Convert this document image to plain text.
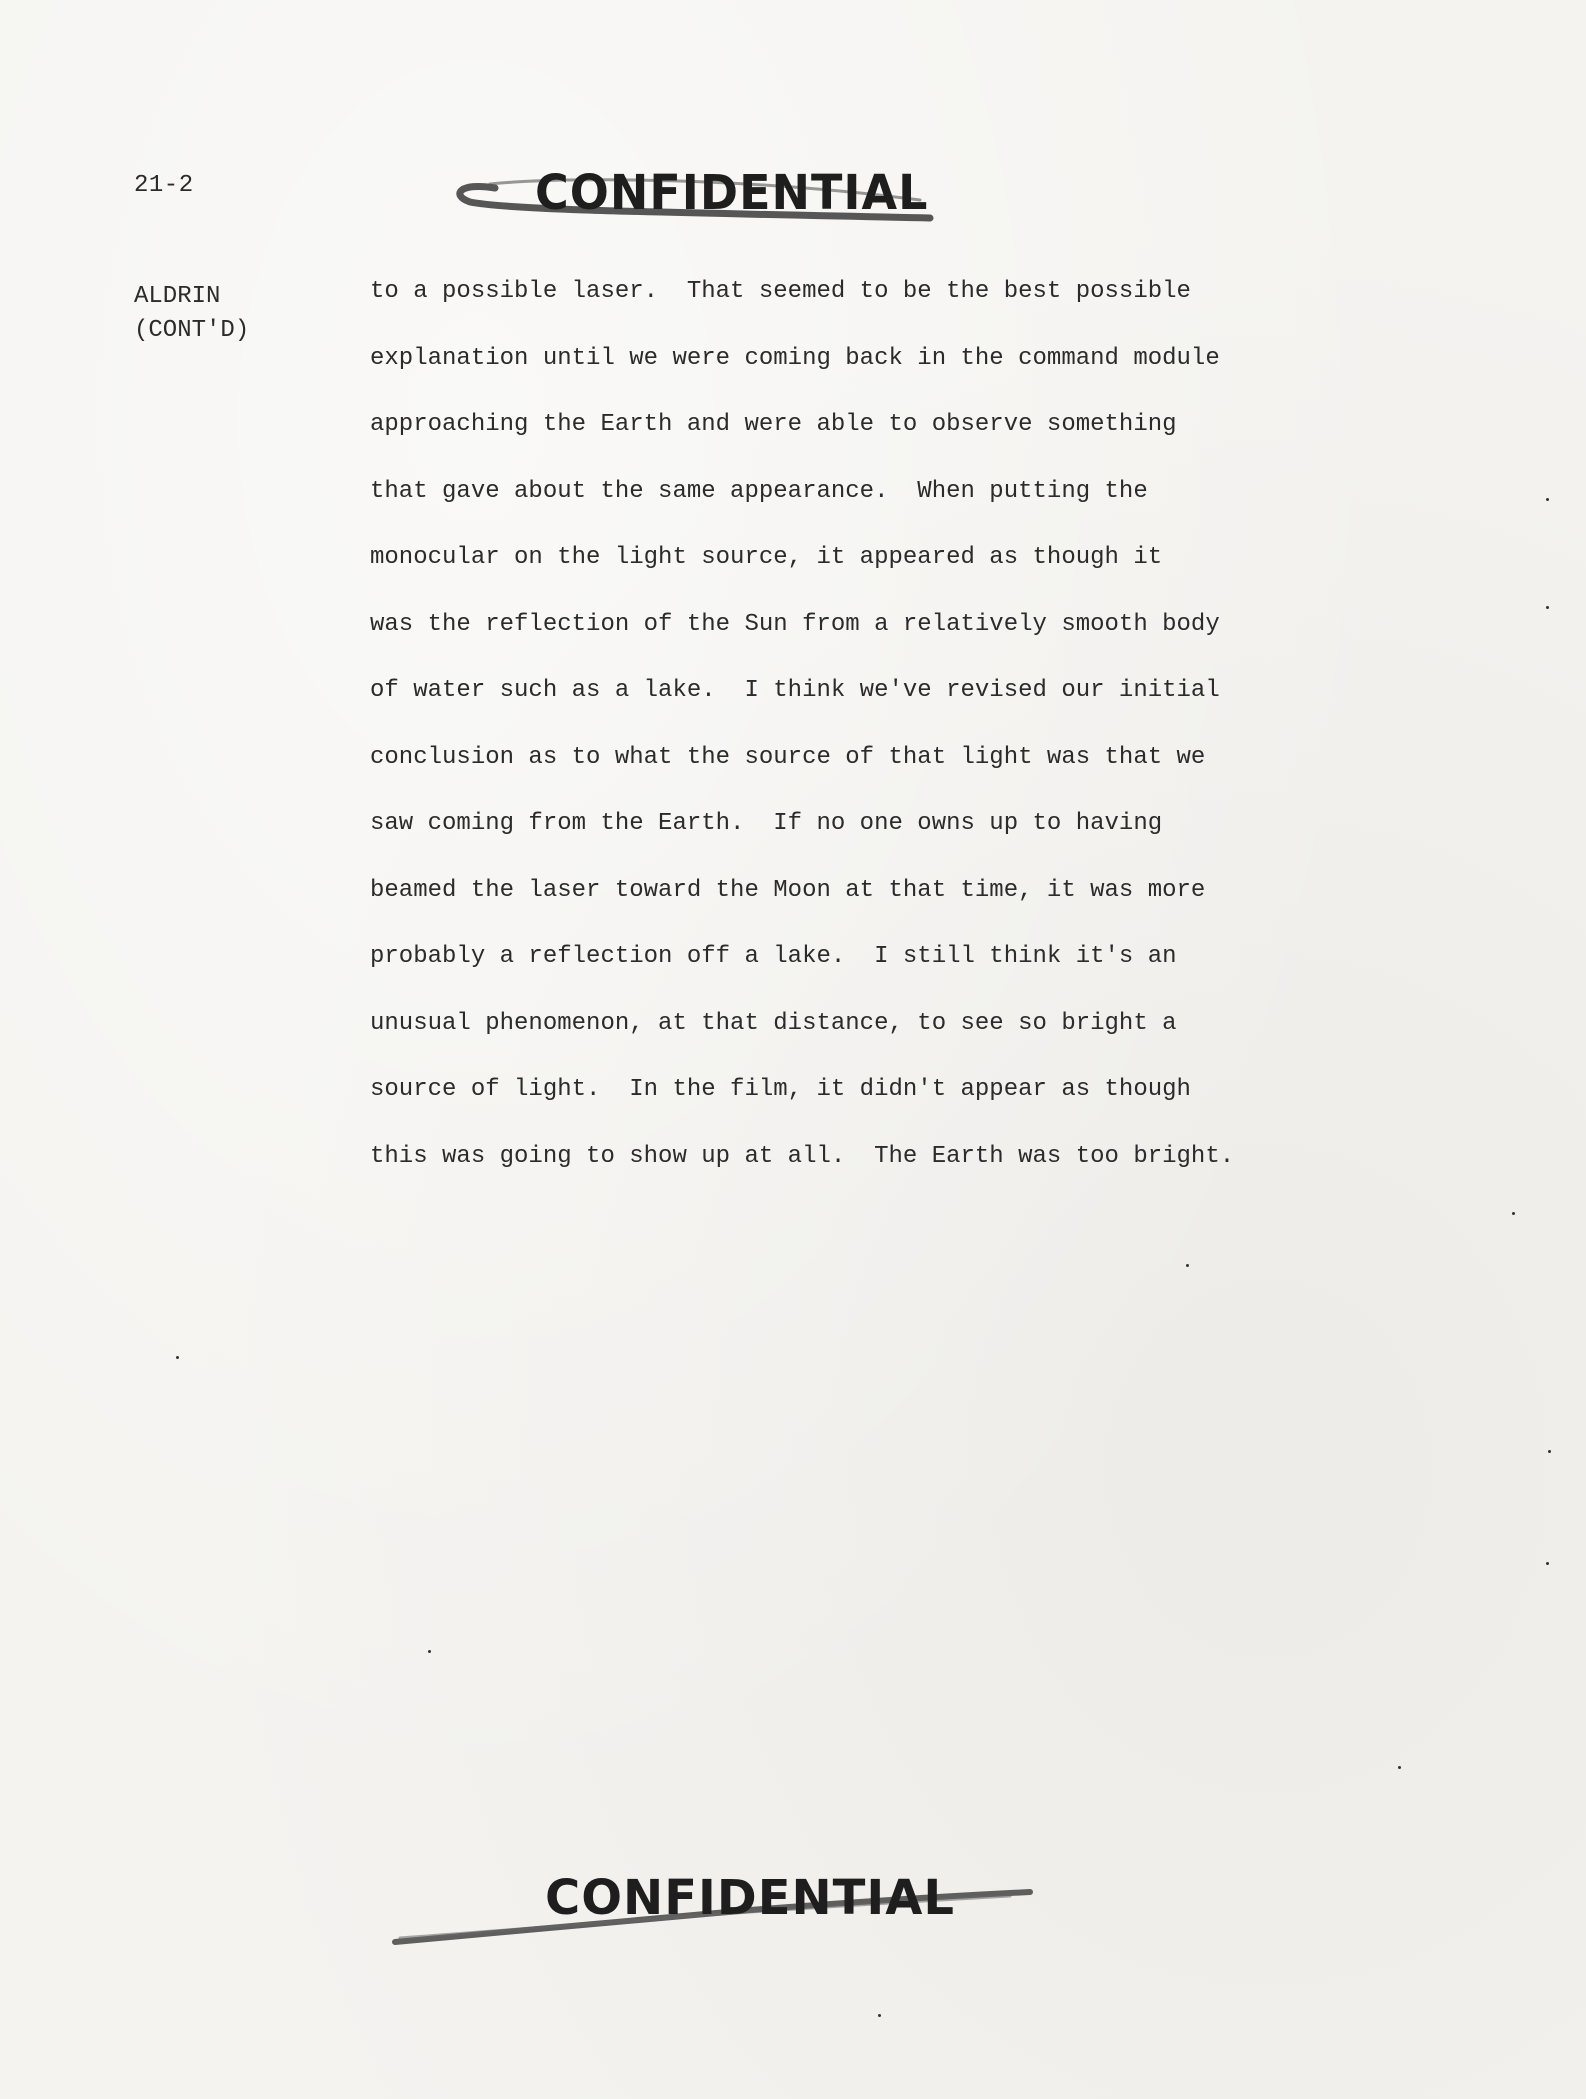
21-2	CONFIDENTIAL
ALDRIN
(CONT'D)
to a possible laser.  That seemed to be the best possible
explanation until we were coming back in the command module
approaching the Earth and were able to observe something
that gave about the same appearance.  When putting the
monocular on the light source, it appeared as though it
was the reflection of the Sun from a relatively smooth body
of water such as a lake.  I think we've revised our initial
conclusion as to what the source of that light was that we
saw coming from the Earth.  If no one owns up to having
beamed the laser toward the Moon at that time, it was more
probably a reflection off a lake.  I still think it's an
unusual phenomenon, at that distance, to see so bright a
source of light.  In the film, it didn't appear as though
this was going to show up at all.  The Earth was too bright.
CONFIDENTIAL
